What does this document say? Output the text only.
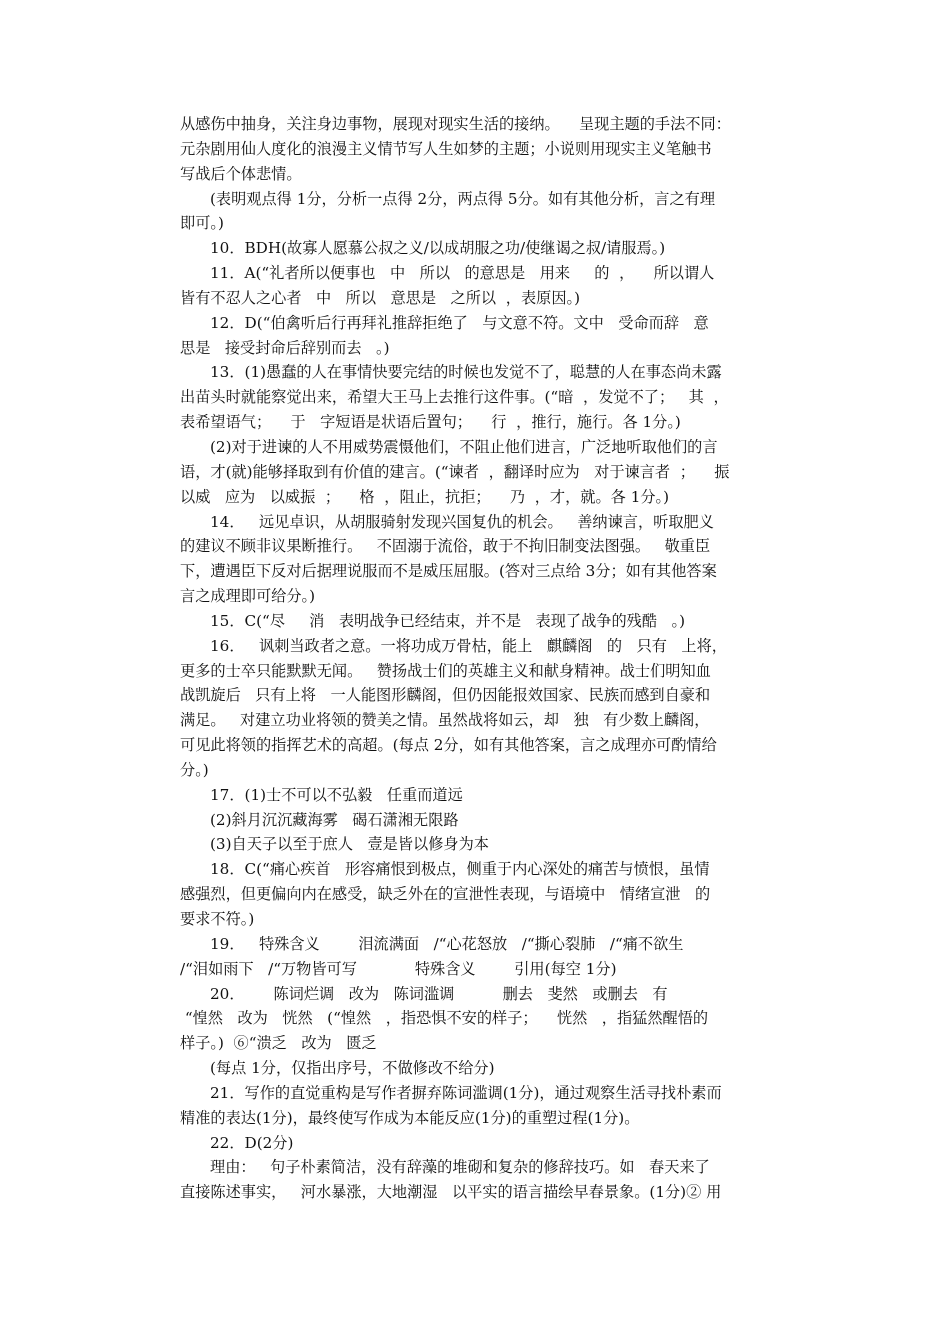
从感伤中抽身，关注身边事物，展现对现实生活的接纳。    呈现主题的手法不同：
元杂剧用仙人度化的浪漫主义情节写人生如梦的主题；小说则用现实主义笔触书
写战后个体悲情。
(表明观点得 1分，分析一点得 2分，两点得 5分。如有其他分析，言之有理
即可。)
10．BDH(故寡人愿慕公叔之义/以成胡服之功/使继谒之叔/请服焉。)
11．A(“礼者所以便事也   中   所以   的意思是   用来     的  ，    所以谓人
皆有不忍人之心者   中   所以   意思是   之所以  ，表原因。)
12．D(“伯禽听后行再拜礼推辞拒绝了   与文意不符。文中   受命而辞   意
思是   接受封命后辞别而去   。)
13．(1)愚蠢的人在事情快要完结的时候也发觉不了，聪慧的人在事态尚未露
出苗头时就能察觉出来，希望大王马上去推行这件事。(“暗  ，发觉不了；   其  ，
表希望语气；    于   字短语是状语后置句；    行  ，推行，施行。各 1分。)
(2)对于进谏的人不用威势震慑他们，不阻止他们进言，广泛地听取他们的言
语，才(就)能够择取到有价值的建言。(“谏者  ，翻译时应为   对于谏言者  ；    振
以威   应为   以威振  ；    格  ，阻止，抗拒；    乃  ，才，就。各 1分。)
14．   远见卓识，从胡服骑射发现兴国复仇的机会。   善纳谏言，听取肥义
的建议不顾非议果断推行。   不固溺于流俗，敢于不拘旧制变法图强。   敬重臣
下，遭遇臣下反对后据理说服而不是威压屈服。(答对三点给 3分；如有其他答案
言之成理即可给分。)
15．C(“尽     消   表明战争已经结束，并不是   表现了战争的残酷   。)
16．   讽刺当政者之意。一将功成万骨枯，能上   麒麟阁   的   只有   上将，
更多的士卒只能默默无闻。   赞扬战士们的英雄主义和献身精神。战士们明知血
战凯旋后   只有上将   一人能图形麟阁，但仍因能报效国家、民族而感到自豪和
满足。   对建立功业将领的赞美之情。虽然战将如云，却   独   有少数上麟阁，
可见此将领的指挥艺术的高超。(每点 2分，如有其他答案，言之成理亦可酌情给
分。)
17．(1)士不可以不弘毅   任重而道远
(2)斜月沉沉藏海雾   碣石潇湘无限路
(3)自天子以至于庶人   壹是皆以修身为本
18．C(“痛心疾首   形容痛恨到极点，侧重于内心深处的痛苦与愤恨，虽情
感强烈，但更偏向内在感受，缺乏外在的宣泄性表现，与语境中   情绪宣泄   的
要求不符。)
19．   特殊含义        泪流满面   /“心花怒放   /“撕心裂肺   /“痛不欲生
/“泪如雨下   /“万物皆可写            特殊含义        引用(每空 1分)
20．      陈词烂调   改为   陈词滥调          删去   斐然   或删去   有
“惶然   改为   恍然   (“惶然   ，指恐惧不安的样子；    恍然   ，指猛然醒悟的
样子。)  ⑥“溃乏   改为   匮乏
(每点 1分，仅指出序号，不做修改不给分)
21．写作的直觉重构是写作者摒弃陈词滥调(1分)，通过观察生活寻找朴素而
精准的表达(1分)，最终使写作成为本能反应(1分)的重塑过程(1分)。
22．D(2分)
理由：   句子朴素简洁，没有辞藻的堆砌和复杂的修辞技巧。如   春天来了
直接陈述事实，   河水暴涨，大地潮湿   以平实的语言描绘早春景象。(1分)② 用
